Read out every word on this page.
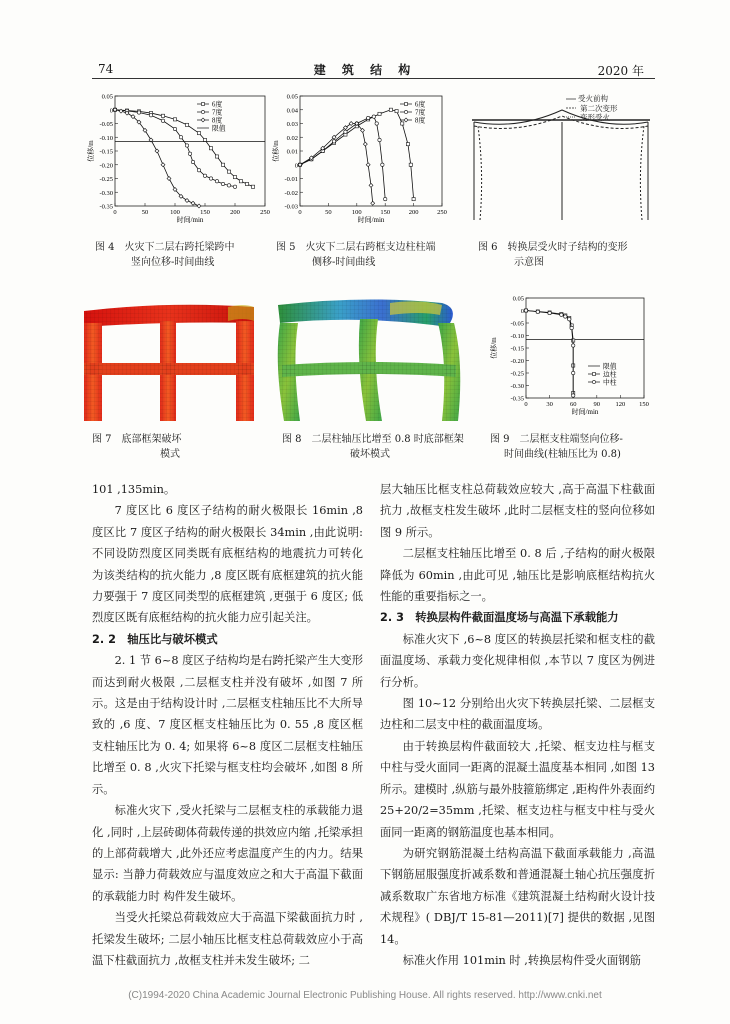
74	建 筑 结 构	2020 年
0.05
0
-0.05
-0.10
-0.15
-0.20
-0.25
-0.30
-0.35
0	50	100	150	200	250
时间/min
位移/m
6度
7度
8度
限值
图 4　火灾下二层右跨托梁跨中
竖向位移-时间曲线
0.05
0.04
0.03
0.02
0.01
0
-0.01
-0.02
-0.03
0	50	100	150	200	250
时间/min
位移/m
6度
7度
8度
图 5　火灾下二层右跨框支边柱柱端
侧移-时间曲线
受火前构
第二次变形
变形受火
图 6　转换层受火时子结构的变形
示意图
图 7　底部框架破坏
模式
图 8　二层柱轴压比增至 0.8 时底部框架
破坏模式
0.05
0
-0.05
-0.10
-0.15
-0.20
-0.25
-0.30
-0.35
0	30	60	90 120 150
时间/min
位移/m
限值
边柱
中柱
图 9　二层框支柱端竖向位移-
时间曲线(柱轴压比为 0.8)

101 ,135min。

7 度区比 6 度区子结构的耐火极限长 16min ,8 度区比 7 度区子结构的耐火极限长 34min ,由此说明: 不同设防烈度区同类既有底框结构的地震抗力可转化为该类结构的抗火能力 ,8 度区既有底框建筑的抗火能力要强于 7 度区同类型的底框建筑 ,更强于 6 度区; 低烈度区既有底框结构的抗火能力应引起关注。

2. 2　轴压比与破坏模式

2. 1 节 6~8 度区子结构均是右跨托梁产生大变形而达到耐火极限 ,二层框支柱并没有破坏 ,如图 7 所示。这是由于结构设计时 ,二层框支柱轴压比不大所导致的 ,6 度、7 度区框支柱轴压比为 0. 55 ,8 度区框支柱轴压比为 0. 4; 如果将 6~8 度区二层框支柱轴压比增至 0. 8 ,火灾下托梁与框支柱均会破坏 ,如图 8 所示。

标准火灾下 ,受火托梁与二层框支柱的承载能力退化 ,同时 ,上层砖砌体荷载传递的拱效应内缩 ,托梁承担的上部荷载增大 ,此外还应考虑温度产生的内力。结果显示: 当静力荷载效应与温度效应之和大于高温下截面的承载能力时 构件发生破坏。

当受火托梁总荷载效应大于高温下梁截面抗力时 ,托梁发生破坏; 二层小轴压比框支柱总荷载效应小于高温下柱截面抗力 ,故框支柱并未发生破坏; 二

层大轴压比框支柱总荷载效应较大 ,高于高温下柱截面抗力 ,故框支柱发生破坏 ,此时二层框支柱的竖向位移如图 9 所示。

二层框支柱轴压比增至 0. 8 后 ,子结构的耐火极限降低为 60min ,由此可见 ,轴压比是影响底框结构抗火性能的重要指标之一。

2. 3　转换层构件截面温度场与高温下承载能力

标准火灾下 ,6~8 度区的转换层托梁和框支柱的截面温度场、承载力变化规律相似 ,本节以 7 度区为例进行分析。

图 10~12 分别给出火灾下转换层托梁、二层框支边柱和二层支中柱的截面温度场。

由于转换层构件截面较大 ,托梁、框支边柱与框支中柱与受火面同一距离的混凝土温度基本相同 ,如图 13 所示。建模时 ,纵筋与最外肢箍筋绑定 ,距构件外表面约 25+20/2=35mm ,托梁、框支边柱与框支中柱与受火面同一距离的钢筋温度也基本相同。

为研究钢筋混凝土结构高温下截面承载能力 ,高温下钢筋屈服强度折减系数和普通混凝土轴心抗压强度折减系数取广东省地方标准《建筑混凝土结构耐火设计技术规程》( DBJ/T 15-81—2011)[7] 提供的数据 ,见图 14。

标准火作用 101min 时 ,转换层构件受火面钢筋

(C)1994-2020 China Academic Journal Electronic Publishing House. All rights reserved. http://www.cnki.net
